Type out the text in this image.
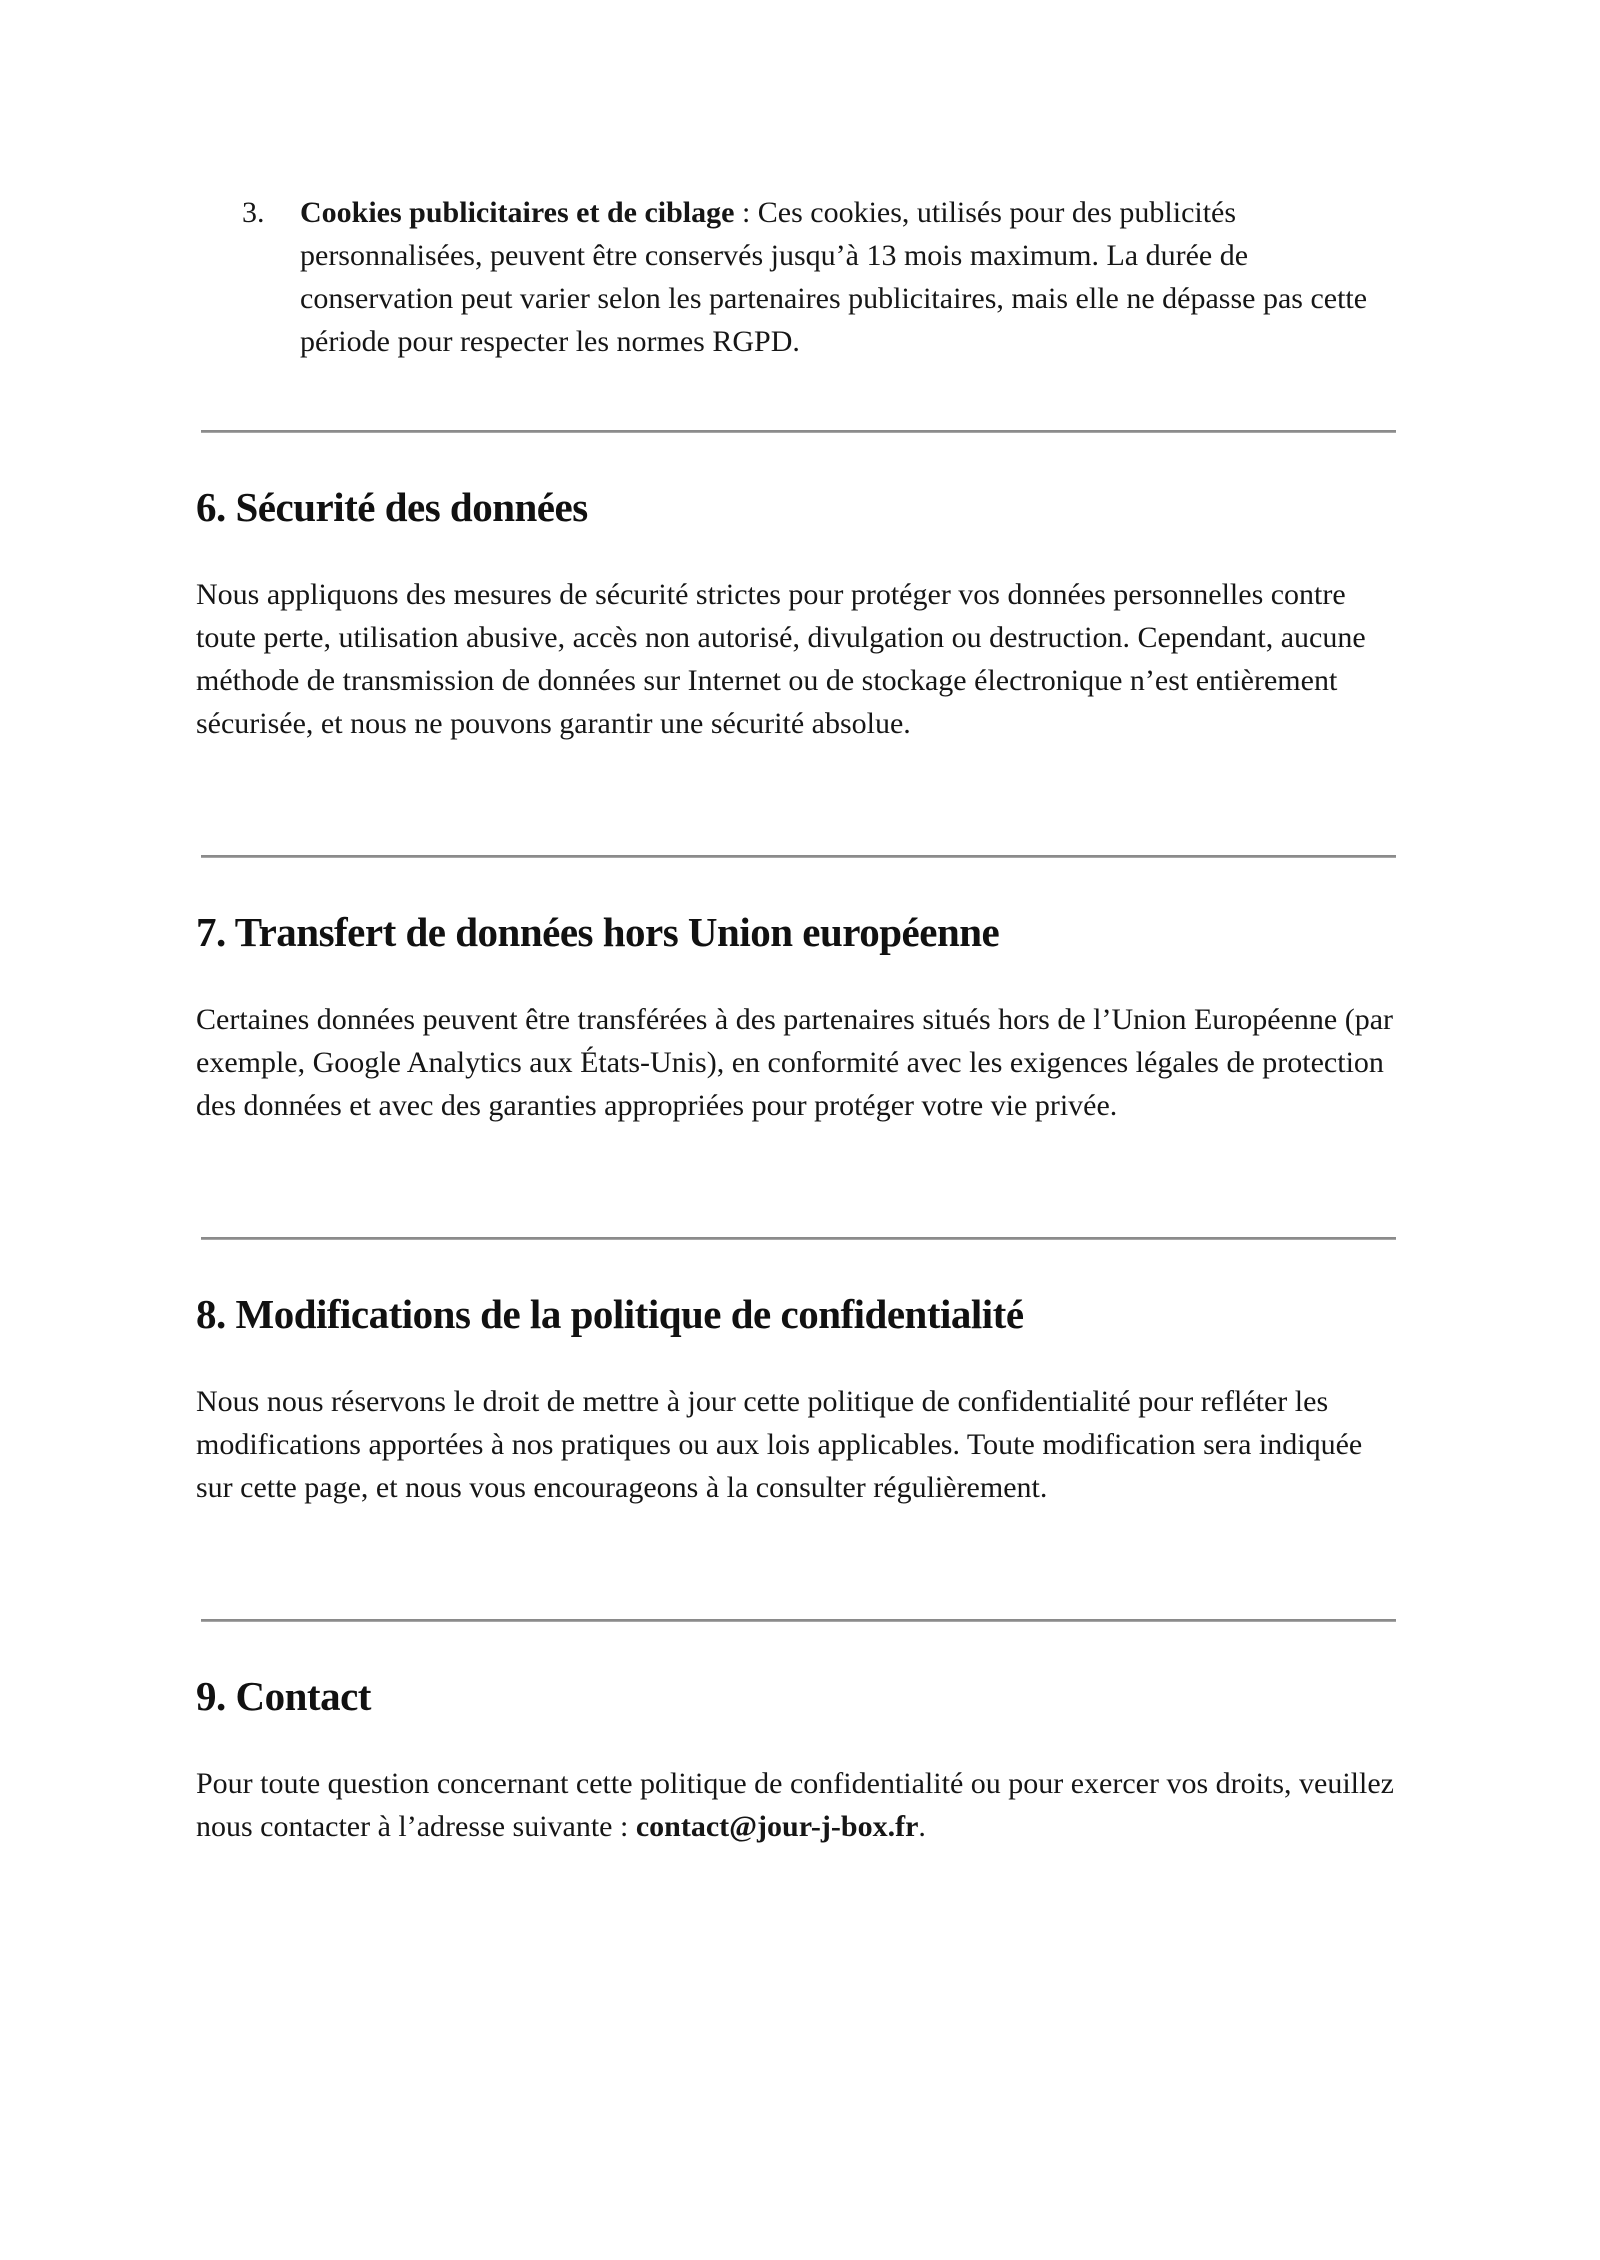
3.	Cookies publicitaires et de ciblage : Ces cookies, utilisés pour des publicités personnalisées, peuvent être conservés jusqu’à 13 mois maximum. La durée de conservation peut varier selon les partenaires publicitaires, mais elle ne dépasse pas cette période pour respecter les normes RGPD.
6. Sécurité des données

Nous appliquons des mesures de sécurité strictes pour protéger vos données personnelles contre toute perte, utilisation abusive, accès non autorisé, divulgation ou destruction. Cependant, aucune méthode de transmission de données sur Internet ou de stockage électronique n’est entièrement sécurisée, et nous ne pouvons garantir une sécurité absolue.

7. Transfert de données hors Union européenne

Certaines données peuvent être transférées à des partenaires situés hors de l’Union Européenne (par exemple, Google Analytics aux États-Unis), en conformité avec les exigences légales de protection des données et avec des garanties appropriées pour protéger votre vie privée.

8. Modifications de la politique de confidentialité

Nous nous réservons le droit de mettre à jour cette politique de confidentialité pour refléter les modifications apportées à nos pratiques ou aux lois applicables. Toute modification sera indiquée sur cette page, et nous vous encourageons à la consulter régulièrement.

9. Contact

Pour toute question concernant cette politique de confidentialité ou pour exercer vos droits, veuillez nous contacter à l’adresse suivante : contact@jour-j-box.fr.
